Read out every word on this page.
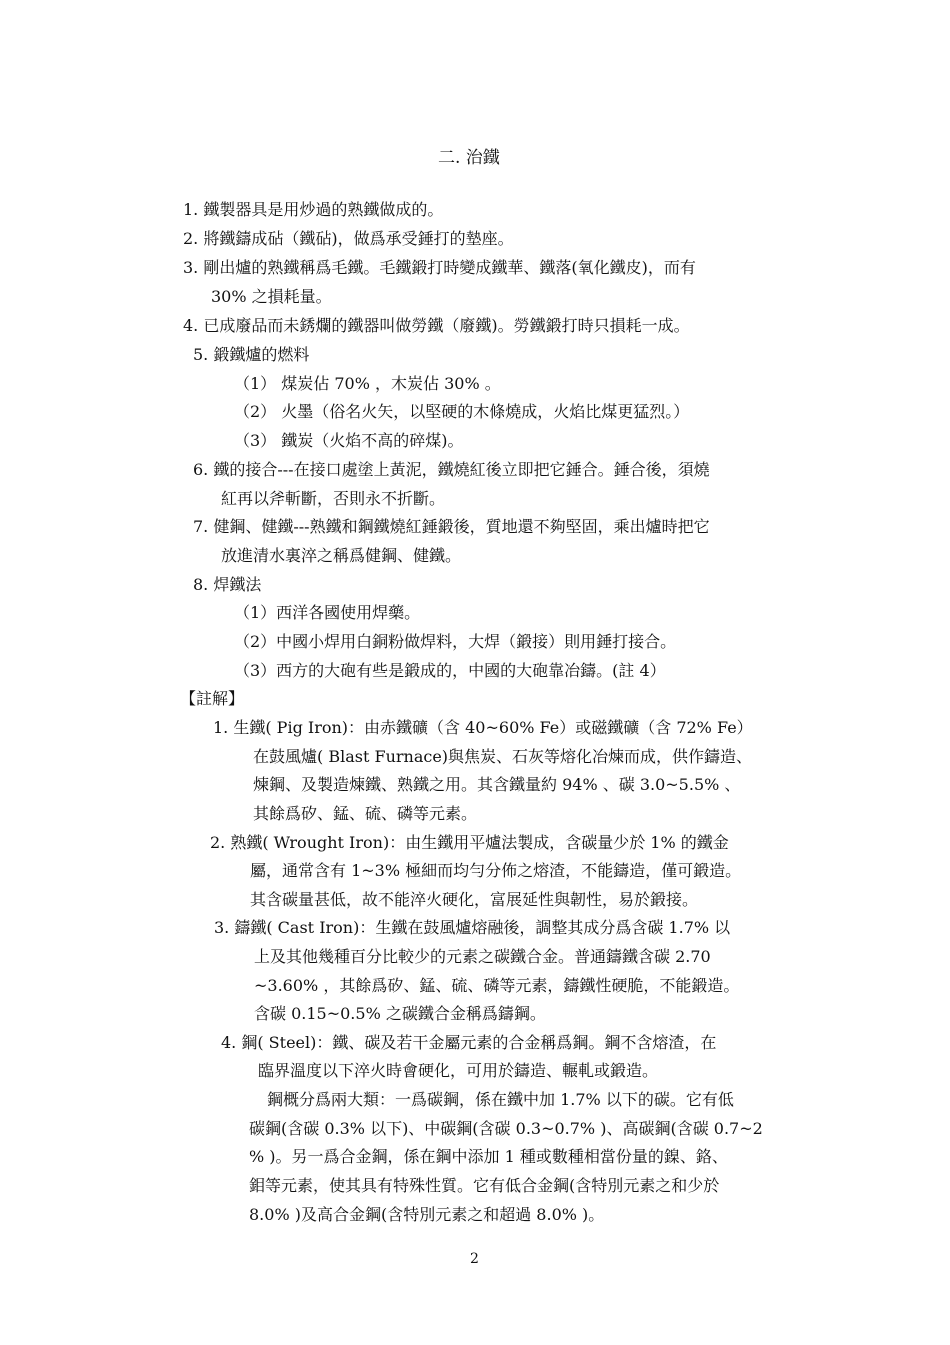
二. 治鐵
1. 鐵製器具是用炒過的熟鐵做成的。
2. 將鐵鑄成砧（鐵砧)，做爲承受錘打的墊座。
3. 剛出爐的熟鐵稱爲毛鐵。毛鐵鍛打時變成鐵華、鐵落(氧化鐵皮)，而有
30% 之損耗量。
4. 已成廢品而未銹爛的鐵器叫做勞鐵（廢鐵)。勞鐵鍛打時只損耗一成。
5. 鍛鐵爐的燃料
（1） 煤炭佔 70% ，木炭佔 30% 。
（2） 火墨（俗名火矢，以堅硬的木條燒成，火焰比煤更猛烈。）
（3） 鐵炭（火焰不高的碎煤)。
6. 鐵的接合---在接口處塗上黃泥，鐵燒紅後立即把它錘合。錘合後，須燒
紅再以斧斬斷，否則永不折斷。
7. 健鋼、健鐵---熟鐵和鋼鐵燒紅錘鍛後，質地還不夠堅固，乘出爐時把它
放進清水裏淬之稱爲健鋼、健鐵。
8. 焊鐵法
（1）西洋各國使用焊藥。
（2）中國小焊用白銅粉做焊料，大焊（鍛接）則用錘打接合。
（3）西方的大砲有些是鍛成的，中國的大砲靠冶鑄。(註 4）
【註解】
1. 生鐵( Pig Iron)：由赤鐵礦（含 40~60% Fe）或磁鐵礦（含 72% Fe）
在鼓風爐( Blast Furnace)與焦炭、石灰等熔化冶煉而成，供作鑄造、
煉鋼、及製造煉鐵、熟鐵之用。其含鐵量約 94% 、碳 3.0~5.5% 、
其餘爲矽、錳、硫、磷等元素。
2. 熟鐵( Wrought Iron)：由生鐵用平爐法製成，含碳量少於 1% 的鐵金
屬，通常含有 1~3% 極細而均勻分佈之熔渣，不能鑄造，僅可鍛造。
其含碳量甚低，故不能淬火硬化，富展延性與韌性，易於鍛接。
3. 鑄鐵( Cast Iron)：生鐵在鼓風爐熔融後，調整其成分爲含碳 1.7% 以
上及其他幾種百分比較少的元素之碳鐵合金。普通鑄鐵含碳 2.70
~3.60% ，其餘爲矽、錳、硫、磷等元素，鑄鐵性硬脆，不能鍛造。
含碳 0.15~0.5% 之碳鐵合金稱爲鑄鋼。
4. 鋼( Steel)：鐵、碳及若干金屬元素的合金稱爲鋼。鋼不含熔渣，在
臨界溫度以下淬火時會硬化，可用於鑄造、輾軋或鍛造。
鋼概分爲兩大類：一爲碳鋼，係在鐵中加 1.7% 以下的碳。它有低
碳鋼(含碳 0.3% 以下)、中碳鋼(含碳 0.3~0.7% )、高碳鋼(含碳 0.7~2
% )。另一爲合金鋼，係在鋼中添加 1 種或數種相當份量的鎳、鉻、
鉬等元素，使其具有特殊性質。它有低合金鋼(含特別元素之和少於
8.0% )及高合金鋼(含特別元素之和超過 8.0% )。
2
